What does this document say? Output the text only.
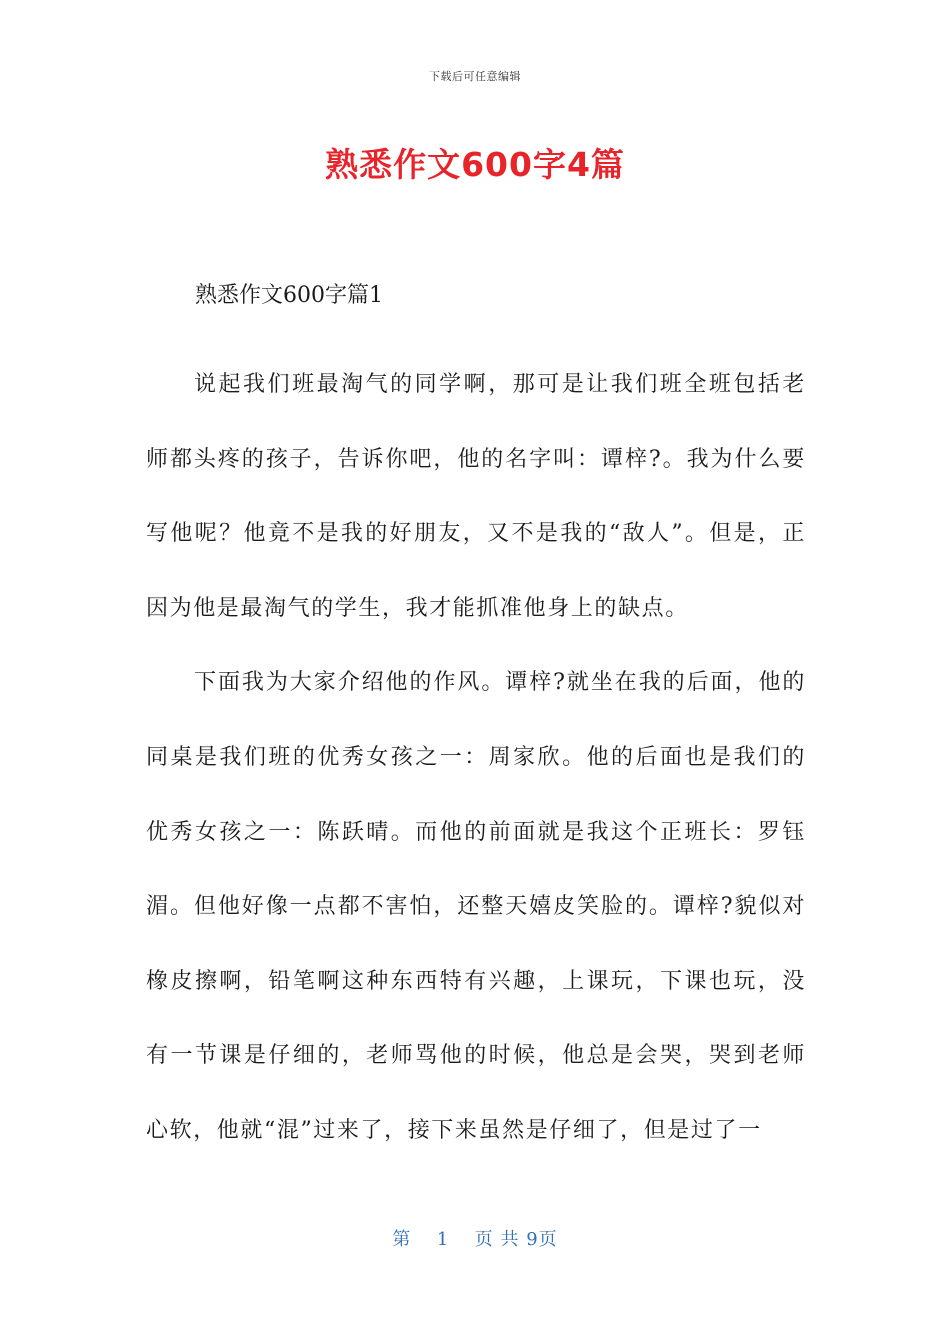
下载后可任意编辑
熟悉作文600字4篇
熟悉作文600字篇1

说起我们班最淘气的同学啊，那可是让我们班全班包括老师都头疼的孩子，告诉你吧，他的名字叫：谭梓?。我为什么要写他呢？他竟不是我的好朋友，又不是我的“敌人”。但是，正因为他是最淘气的学生，我才能抓准他身上的缺点。

下面我为大家介绍他的作风。谭梓?就坐在我的后面，他的同桌是我们班的优秀女孩之一：周家欣。他的后面也是我们的优秀女孩之一：陈跃晴。而他的前面就是我这个正班长：罗钰湄。但他好像一点都不害怕，还整天嬉皮笑脸的。谭梓?貌似对橡皮擦啊，铅笔啊这种东西特有兴趣，上课玩，下课也玩，没有一节课是仔细的，老师骂他的时候，他总是会哭，哭到老师心软，他就“混”过来了，接下来虽然是仔细了，但是过了一

第 1 页 共 9页
